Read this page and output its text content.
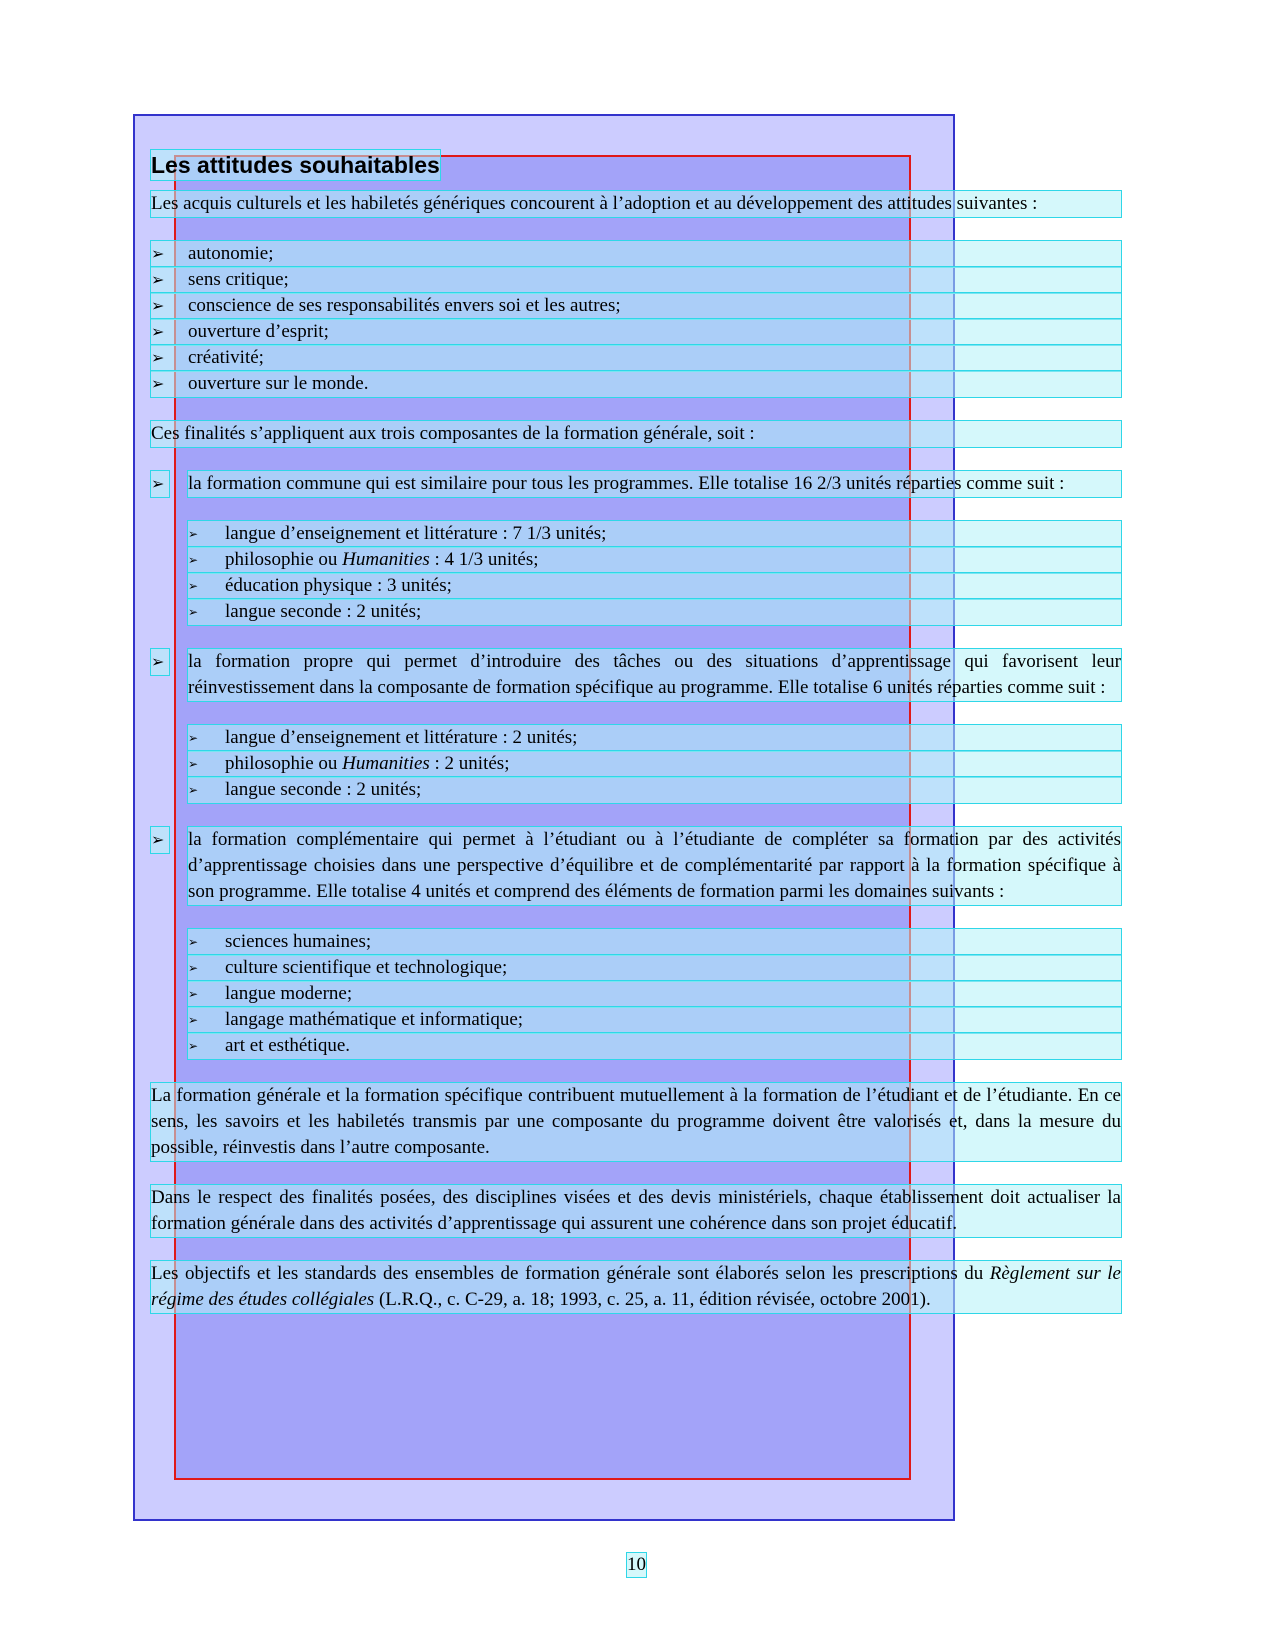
Les attitudes souhaitables

Les acquis culturels et les habiletés génériques concourent à l’adoption et au développement des attitudes suivantes :

➢ autonomie;
➢ sens critique;
➢ conscience de ses responsabilités envers soi et les autres;
➢ ouverture d’esprit;
➢ créativité;
➢ ouverture sur le monde.

Ces finalités s’appliquent aux trois composantes de la formation générale, soit :

➢ la formation commune qui est similaire pour tous les programmes. Elle totalise 16 2/3 unités réparties comme suit :

➢	langue d’enseignement et littérature : 7 1/3 unités;
➢	philosophie ou Humanities : 4 1/3 unités;
➢	éducation physique : 3 unités;
➢	langue seconde : 2 unités;
➢ la formation propre qui permet d’introduire des tâches ou des situations d’apprentissage qui favorisent leur réinvestissement dans la composante de formation spécifique au programme. Elle totalise 6 unités réparties comme suit :

➢	langue d’enseignement et littérature : 2 unités;
➢	philosophie ou Humanities : 2 unités;
➢	langue seconde : 2 unités;
➢ la formation complémentaire qui permet à l’étudiant ou à l’étudiante de compléter sa formation par des activités d’apprentissage choisies dans une perspective d’équilibre et de complémentarité par rapport à la formation spécifique à son programme. Elle totalise 4 unités et comprend des éléments de formation parmi les domaines suivants :

➢	sciences humaines;
➢	culture scientifique et technologique;
➢	langue moderne;
➢	langage mathématique et informatique;
➢	art et esthétique.

La formation générale et la formation spécifique contribuent mutuellement à la formation de l’étudiant et de l’étudiante. En ce sens, les savoirs et les habiletés transmis par une composante du programme doivent être valorisés et, dans la mesure du possible, réinvestis dans l’autre composante.

Dans le respect des finalités posées, des disciplines visées et des devis ministériels, chaque établissement doit actualiser la formation générale dans des activités d’apprentissage qui assurent une cohérence dans son projet éducatif.

Les objectifs et les standards des ensembles de formation générale sont élaborés selon les prescriptions du Règlement sur le régime des études collégiales (L.R.Q., c. C-29, a. 18; 1993, c. 25, a. 11, édition révisée, octobre 2001).

10
